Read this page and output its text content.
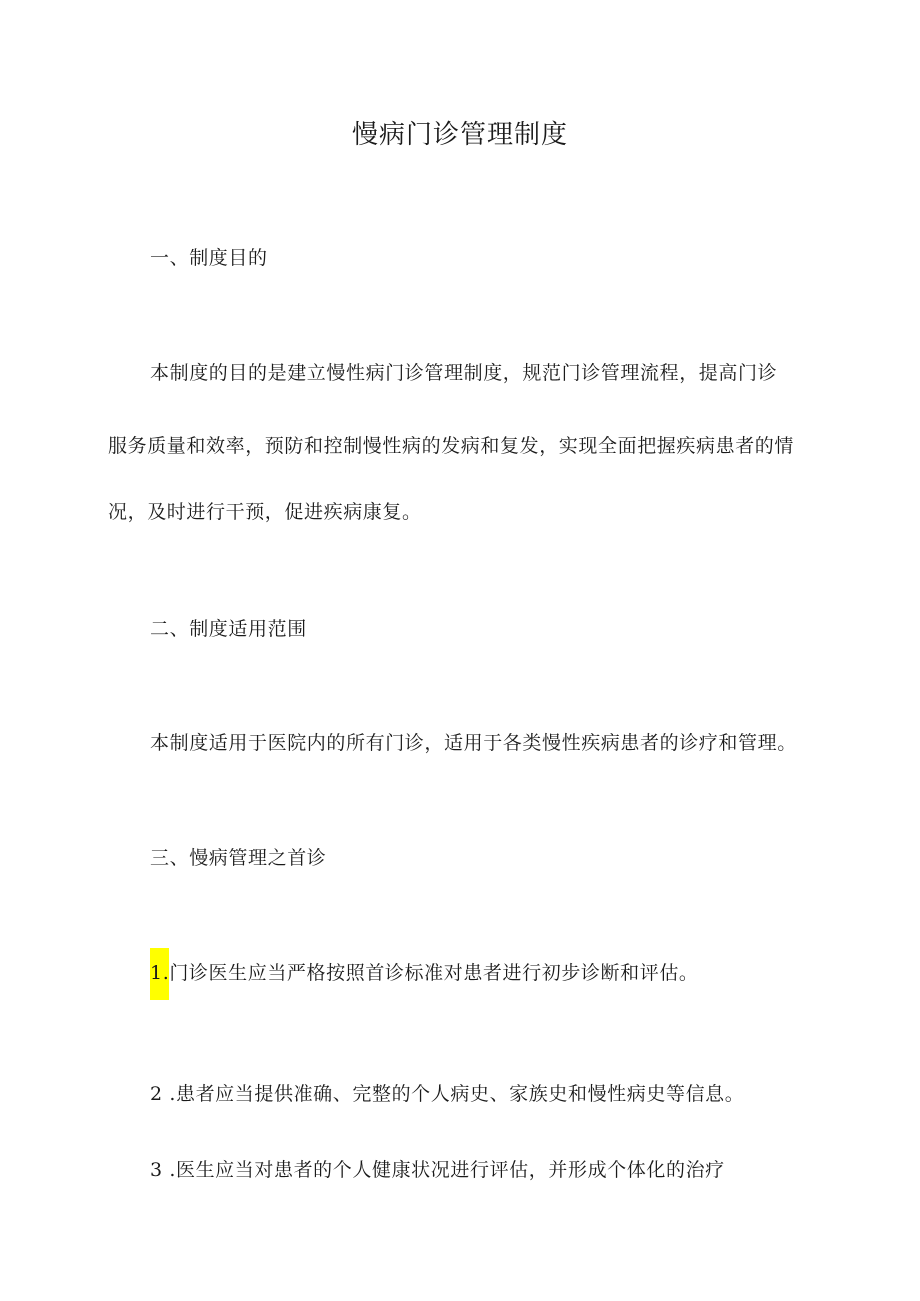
慢病门诊管理制度
一、制度目的
本制度的目的是建立慢性病门诊管理制度，规范门诊管理流程，提高门诊
服务质量和效率，预防和控制慢性病的发病和复发，实现全面把握疾病患者的情
况，及时进行干预，促进疾病康复。
二、制度适用范围
本制度适用于医院内的所有门诊，适用于各类慢性疾病患者的诊疗和管理。
三、慢病管理之首诊
1.门诊医生应当严格按照首诊标准对患者进行初步诊断和评估。
2 .患者应当提供准确、完整的个人病史、家族史和慢性病史等信息。
3 .医生应当对患者的个人健康状况进行评估，并形成个体化的治疗
